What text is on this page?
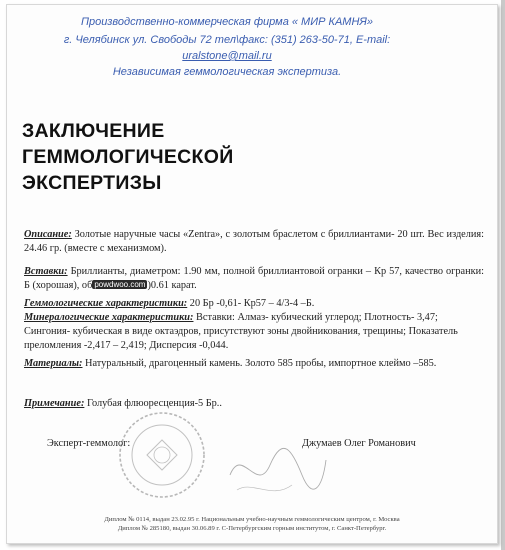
Производственно-коммерческая фирма « МИР КАМНЯ»
г. Челябинск ул. Свободы 72 тел\факс: (351) 263-50-71, E-mail:
uralstone@mail.ru
Независимая геммологическая экспертиза.
ЗАКЛЮЧЕНИЕ
ГЕММОЛОГИЧЕСКОЙ
ЭКСПЕРТИЗЫ
Описание: Золотые наручные часы «Zentra», с золотым браслетом с бриллиантами- 20 шт. Вес изделия: 24.46 гр. (вместе с механизмом).
Вставки: Бриллианты, диаметром: 1.90 мм, полной бриллиантовой огранки – Кр 57, качество огранки: Б (хорошая), об powdwoo.com )0.61 карат.
Геммологические характеристики: 20 Бр -0,61- Кр57 – 4/3-4 –Б.
Минералогические характеристики: Вставки: Алмаз- кубический углерод; Плотность- 3,47; Сингония- кубическая в виде октаэдров, присутствуют зоны двойникования, трещины; Показатель преломления -2,417 – 2,419; Дисперсия -0,044.
Материалы: Натуральный, драгоценный камень. Золото 585 пробы, импортное клеймо –585.
Примечание: Голубая флюоресценция-5 Бр..
Эксперт-геммолог:	Джумаев Олег Романович
Диплом № 0114, выдан 23.02.95 г. Национальным учебно-научным геммологическим центром, г. Москва
Диплом № 285180, выдан 30.06.89 г. С-Петербургским горным институтом, г. Санкт-Петербург.
